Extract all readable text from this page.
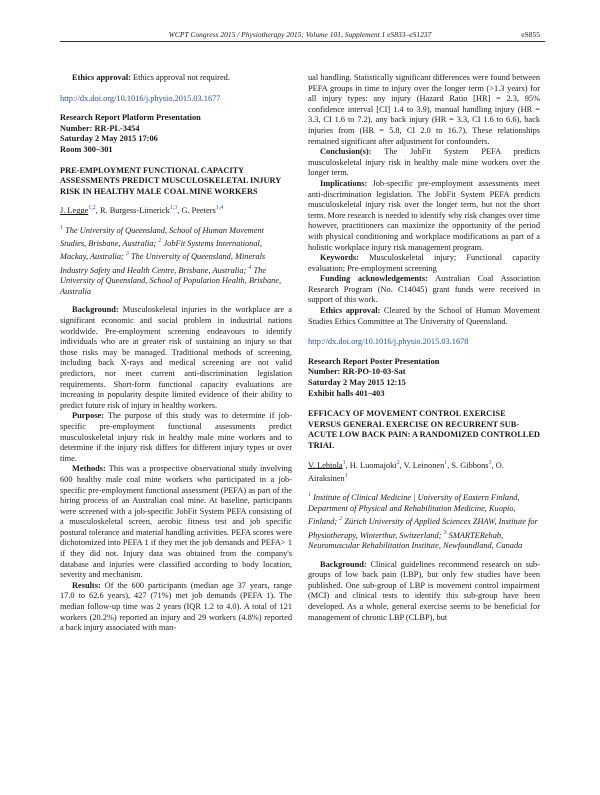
WCPT Congress 2015 / Physiotherapy 2015; Volume 101, Supplement 1 eS833–eS1237	eS855

Ethics approval: Ethics approval not required.

http://dx.doi.org/10.1016/j.physio.2015.03.1677

Research Report Platform Presentation
Number: RR-PL-3454
Saturday 2 May 2015 17:06
Room 300–301

PRE-EMPLOYMENT FUNCTIONAL CAPACITY ASSESSMENTS PREDICT MUSCULOSKELETAL INJURY RISK IN HEALTHY MALE COAL MINE WORKERS

J. Legge$^{1,2}$, R. Burgess-Limerick$^{1,3}$, G. Peeters$^{1,4}$

$^1$ The University of Queensland, School of Human Movement Studies, Brisbane, Australia; $^2$ JobFit Systems International, Mackay, Australia; $^3$ The University of Queensland, Minerals Industry Safety and Health Centre, Brisbane, Australia; $^4$ The University of Queensland, School of Population Health, Brisbane, Australia

Background: Musculoskeletal injuries in the workplace are a significant economic and social problem in industrial nations worldwide. Pre-employment screening endeavours to identify individuals who are at greater risk of sustaining an injury so that those risks may be managed. Traditional methods of screening, including back X-rays and medical screening are not valid predictors, nor meet current anti-discrimination legislation requirements. Short-form functional capacity evaluations are increasing in popularity despite limited evidence of their ability to predict future risk of injury in healthy workers.

Purpose: The purpose of this study was to determine if job-specific pre-employment functional assessments predict musculoskeletal injury risk in healthy male mine workers and to determine if the injury risk differs for different injury types or over time.

Methods: This was a prospective observational study involving 600 healthy male coal mine workers who participated in a job-specific pre-employment functional assessment (PEFA) as part of the hiring process of an Australian coal mine. At baseline, participants were screened with a job-specific JobFit System PEFA consisting of a musculoskeletal screen, aerobic fitness test and job specific postural tolerance and material handling activities. PEFA scores were dichotomized into PEFA 1 if they met the job demands and PEFA> 1 if they did not. Injury data was obtained from the company's database and injuries were classified according to body location, severity and mechanism.

Results: Of the 600 participants (median age 37 years, range 17.0 to 62.6 years), 427 (71%) met job demands (PEFA 1). The median follow-up time was 2 years (IQR 1.2 to 4.0). A total of 121 workers (20.2%) reported an injury and 29 workers (4.8%) reported a back injury associated with man-

ual handling. Statistically significant differences were found between PEFA groups in time to injury over the longer term (>1.3 years) for all injury types: any injury (Hazard Ratio [HR] = 2.3, 95% confidence interval [CI] 1.4 to 3.9), manual handling injury (HR = 3.3, CI 1.6 to 7.2), any back injury (HR = 3.3, CI 1.6 to 6.6), back injuries from (HR = 5.8, CI 2.0 to 16.7). These relationships remained significant after adjustment for confounders.

Conclusion(s): The JobFit System PEFA predicts musculoskeletal injury risk in healthy male mine workers over the longer term.

Implications: Job-specific pre-employment assessments meet anti-discrimination legislation. The JobFit System PEFA predicts musculoskeletal injury risk over the longer term, but not the short term. More research is needed to identify why risk changes over time however, practitioners can maximize the opportunity of the period with physical conditioning and workplace modifications as part of a holistic workplace injury risk management program.

Keywords: Musculoskeletal injury; Functional capacity evaluation; Pre-employment screening

Funding acknowledgements: Australian Coal Association Research Program (No. C14045) grant funds were received in support of this work.

Ethics approval: Cleared by the School of Human Movement Studies Ethics Committee at The University of Queensland.

http://dx.doi.org/10.1016/j.physio.2015.03.1678

Research Report Poster Presentation
Number: RR-PO-10-03-Sat
Saturday 2 May 2015 12:15
Exhibit halls 401–403

EFFICACY OF MOVEMENT CONTROL EXERCISE VERSUS GENERAL EXERCISE ON RECURRENT SUB-ACUTE LOW BACK PAIN: A RANDOMIZED CONTROLLED TRIAL

V. Lehtola$^1$, H. Luomajoki$^2$, V. Leinonen$^1$, S. Gibbons$^3$, O. Airaksinen$^1$

$^1$ Institute of Clinical Medicine | University of Eastern Finland, Department of Physical and Rehabilitation Medicine, Kuopio, Finland; $^2$ Zürich University of Applied Sciences ZHAW, Institute for Physiotherapy, Winterthur, Switzerland; $^3$ SMARTERehab, Neuromuscular Rehabilitation Institute, Newfoundland, Canada

Background: Clinical guidelines recommend research on sub-groups of low back pain (LBP), but only few studies have been published. One sub-group of LBP is movement control impairment (MCI) and clinical tests to identify this sub-group have been developed. As a whole, general exercise seems to be beneficial for management of chronic LBP (CLBP), but
